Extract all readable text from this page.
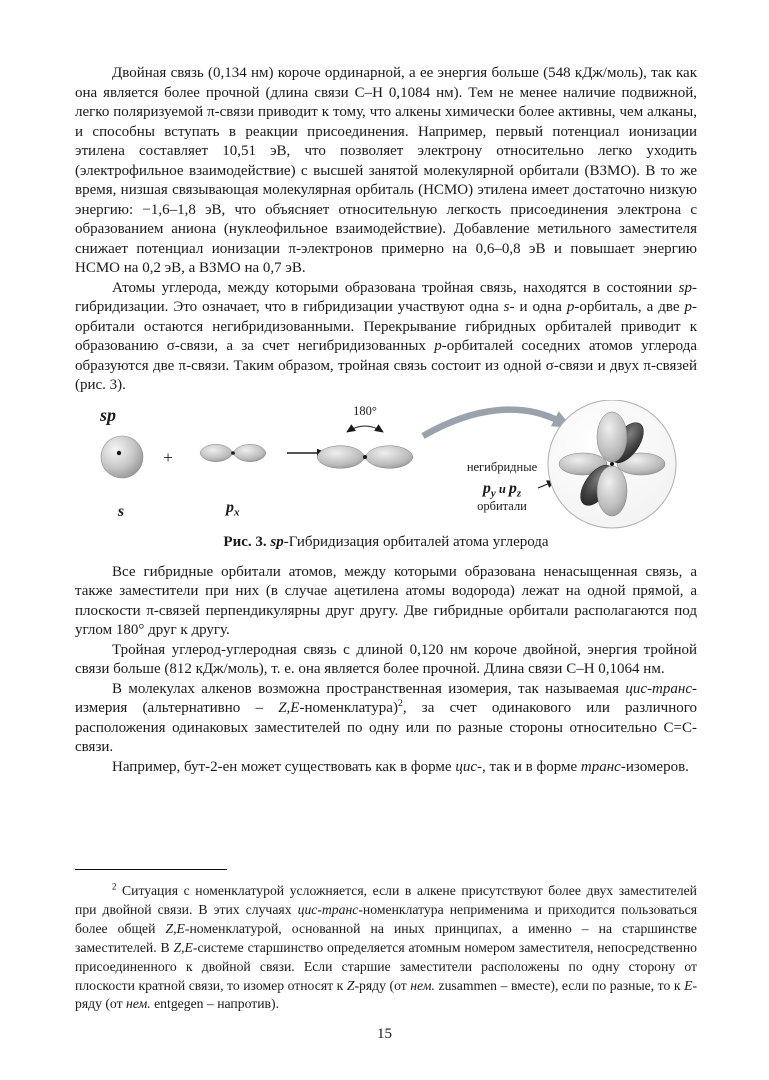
Двойная связь (0,134 нм) короче ординарной, а ее энергия больше (548 кДж/моль), так как она является более прочной (длина связи С–Н 0,1084 нм). Тем не менее наличие подвижной, легко поляризуемой π-связи приводит к тому, что алкены химически более активны, чем алканы, и способны вступать в реакции присоединения. Например, первый потенциал ионизации этилена составляет 10,51 эВ, что позволяет электрону относительно легко уходить (электрофильное взаимодействие) с высшей занятой молекулярной орбитали (ВЗМО). В то же время, низшая связывающая молекулярная орбиталь (НСМО) этилена имеет достаточно низкую энергию: −1,6–1,8 эВ, что объясняет относительную легкость присоединения электрона с образованием аниона (нуклеофильное взаимодействие). Добавление метильного заместителя снижает потенциал ионизации π-электронов примерно на 0,6–0,8 эВ и повышает энергию НСМО на 0,2 эВ, а ВЗМО на 0,7 эВ.

Атомы углерода, между которыми образована тройная связь, находятся в состоянии sp-гибридизации. Это означает, что в гибридизации участвуют одна s- и одна p-орбиталь, а две p-орбитали остаются негибридизованными. Перекрывание гибридных орбиталей приводит к образованию σ-связи, а за счет негибридизованных p-орбиталей соседних атомов углерода образуются две π-связи. Таким образом, тройная связь состоит из одной σ-связи и двух π-связей (рис. 3).

sp
s
+
$p_x$
180°
негибридные
$p_y$ $^и$ $p_z$
орбитали
Рис. 3. sp-Гибридизация орбиталей атома углерода

Все гибридные орбитали атомов, между которыми образована ненасыщенная связь, а также заместители при них (в случае ацетилена атомы водорода) лежат на одной прямой, а плоскости π-связей перпендикулярны друг другу. Две гибридные орбитали располагаются под углом 180° друг к другу.

Тройная углерод-углеродная связь с длиной 0,120 нм короче двойной, энергия тройной связи больше (812 кДж/моль), т. е. она является более прочной. Длина связи С–Н 0,1064 нм.

В молекулах алкенов возможна пространственная изомерия, так называемая цис-транс-измерия (альтернативно – Z,E-номенклатура)$^2$, за счет одинакового или различного расположения одинаковых заместителей по одну или по разные стороны относительно С=С-связи.

Например, бут-2-ен может существовать как в форме цис-, так и в форме транс-изомеров.

$^2$ Ситуация с номенклатурой усложняется, если в алкене присутствуют более двух заместителей при двойной связи. В этих случаях цис-транс-номенклатура неприменима и приходится пользоваться более общей Z,E-номенклатурой, основанной на иных принципах, а именно – на старшинстве заместителей. В Z,E-системе старшинство определяется атомным номером заместителя, непосредственно присоединенного к двойной связи. Если старшие заместители расположены по одну сторону от плоскости кратной связи, то изомер относят к Z-ряду (от нем. zusammen – вместе), если по разные, то к E-ряду (от нем. entgegen – напротив).

15
